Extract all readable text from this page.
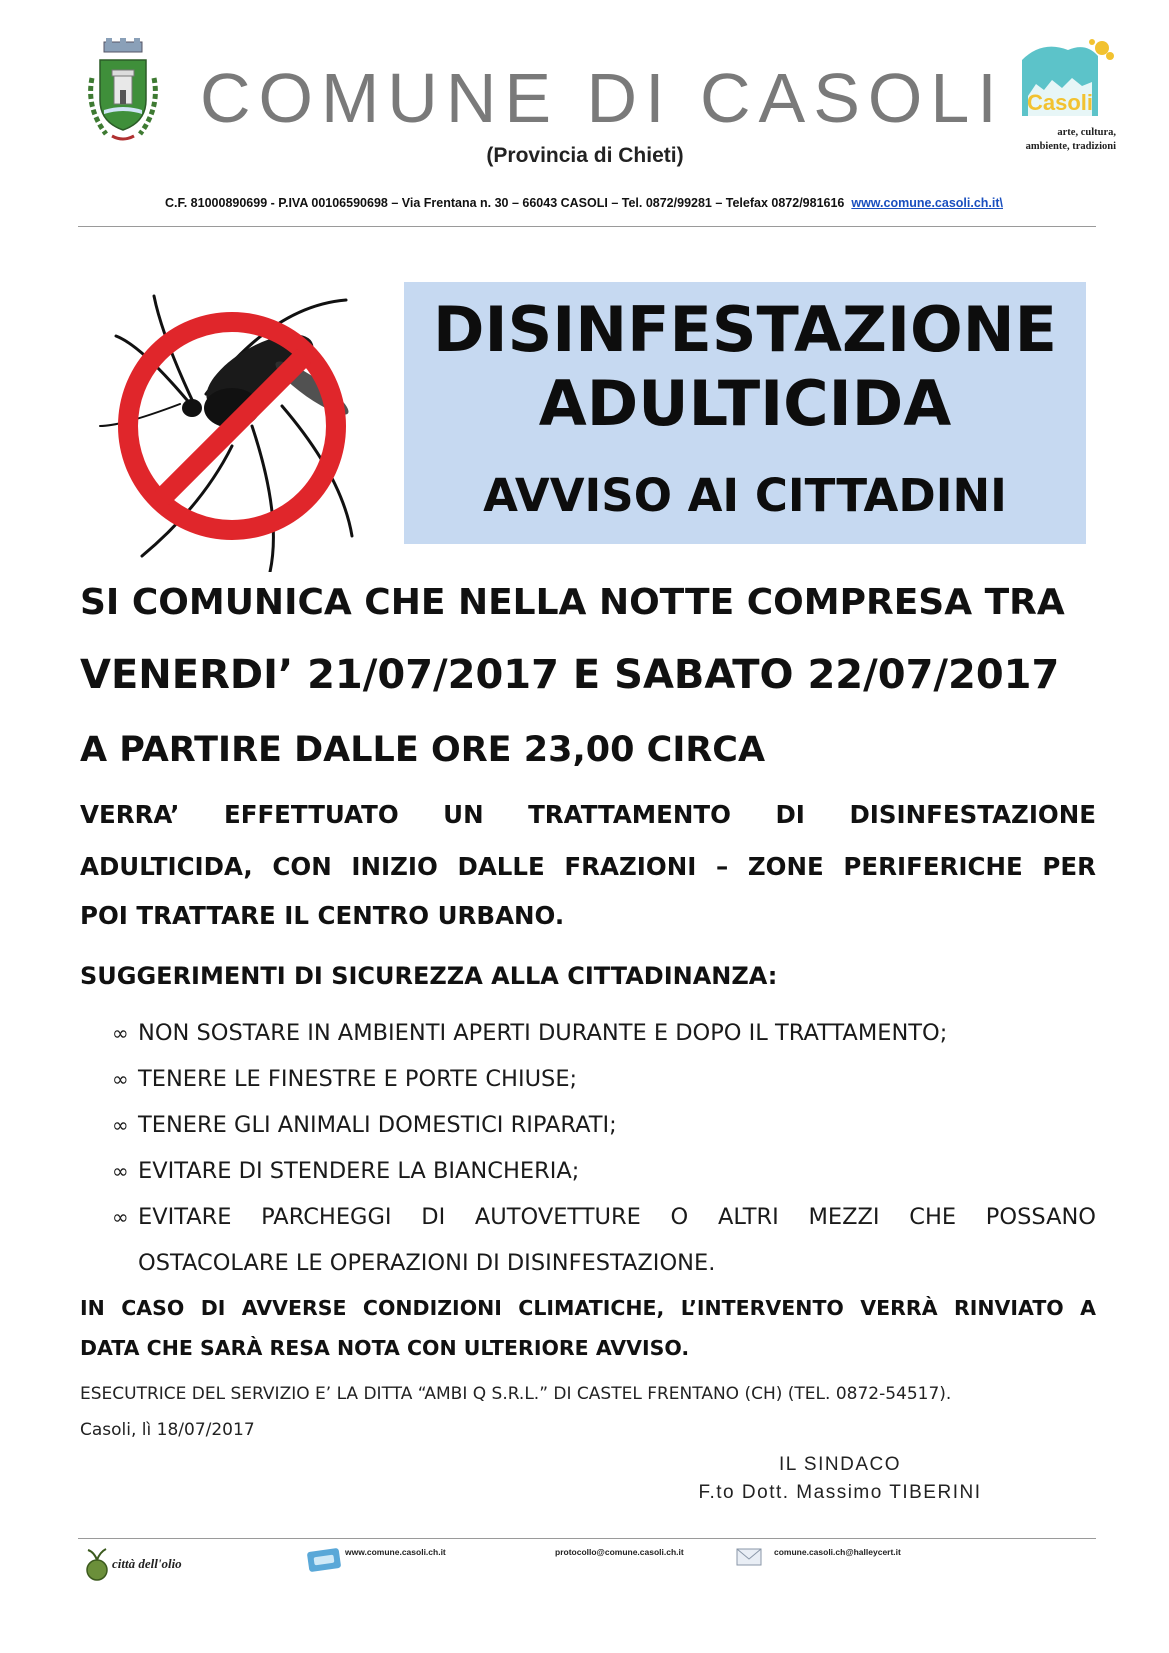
COMUNE DI CASOLI
(Provincia di Chieti)
Casoli
arte, cultura,
ambiente, tradizioni
C.F. 81000890699 - P.IVA 00106590698 – Via Frentana n. 30 – 66043 CASOLI – Tel. 0872/99281 – Telefax 0872/981616 www.comune.casoli.ch.it\
DISINFESTAZIONE
ADULTICIDA
AVVISO AI CITTADINI
SI COMUNICA CHE NELLA NOTTE COMPRESA TRA
VENERDI’ 21/07/2017 E SABATO 22/07/2017
A PARTIRE DALLE ORE 23,00 CIRCA
VERRA’ EFFETTUATO UN TRATTAMENTO DI DISINFESTAZIONE
ADULTICIDA, CON INIZIO DALLE FRAZIONI – ZONE PERIFERICHE PER
POI TRATTARE IL CENTRO URBANO.
SUGGERIMENTI DI SICUREZZA ALLA CITTADINANZA:
∞ NON SOSTARE IN AMBIENTI APERTI DURANTE E DOPO IL TRATTAMENTO;
∞ TENERE LE FINESTRE E PORTE CHIUSE;
∞ TENERE GLI ANIMALI DOMESTICI RIPARATI;
∞ EVITARE DI STENDERE LA BIANCHERIA;
∞ EVITARE PARCHEGGI DI AUTOVETTURE O ALTRI MEZZI CHE POSSANO
OSTACOLARE LE OPERAZIONI DI DISINFESTAZIONE.
IN CASO DI AVVERSE CONDIZIONI CLIMATICHE, L’INTERVENTO VERRÀ RINVIATO A
DATA CHE SARÀ RESA NOTA CON ULTERIORE AVVISO.
ESECUTRICE DEL SERVIZIO E’ LA DITTA “AMBI Q S.R.L.” DI CASTEL FRENTANO (CH) (TEL. 0872-54517).
Casoli, lì 18/07/2017
IL SINDACO
F.to Dott. Massimo TIBERINI
città dell'olio
www.comune.casoli.ch.it	protocollo@comune.casoli.ch.it	comune.casoli.ch@halleycert.it
